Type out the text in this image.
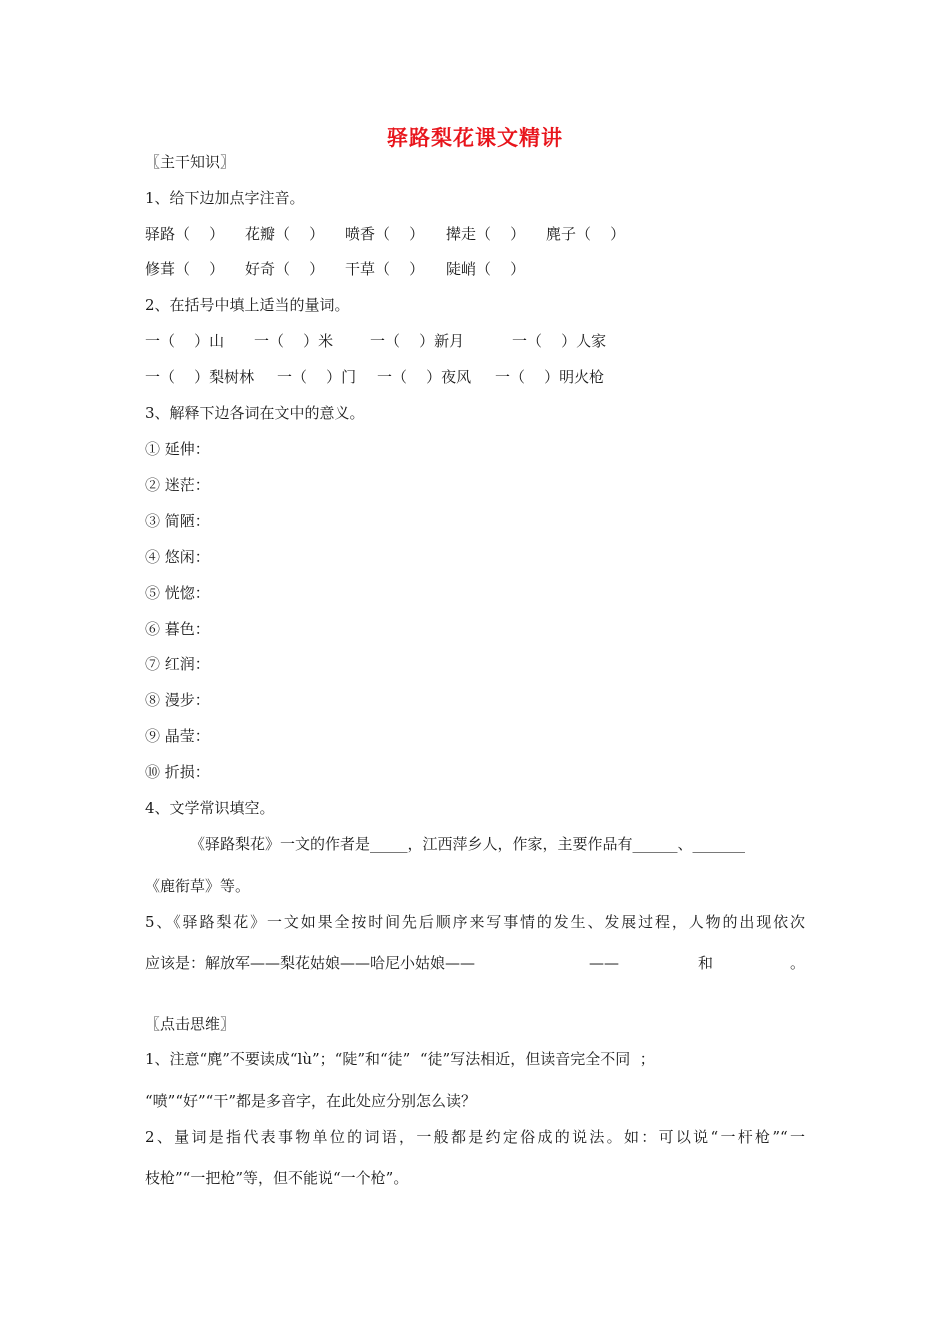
驿路梨花课文精讲
〖主干知识〗
1、给下边加点字注音。
驿路（    ） 花瓣（    ） 喷香（    ） 撵走（    ） 麂子（    ）
修葺（    ） 好奇（    ） 干草（    ） 陡峭（    ）
2、在括号中填上适当的量词。
一（    ）山 一（    ）米 一（    ）新月	一（    ）人家
一（    ）梨树林 一（    ）门 一（    ）夜风 一（    ）明火枪
3、解释下边各词在文中的意义。
① 延伸：
② 迷茫：
③ 简陋：
④ 悠闲：
⑤ 恍惚：
⑥ 暮色：
⑦ 红润：
⑧ 漫步：
⑨ 晶莹：
⑩ 折损：
4、文学常识填空。
《驿路梨花》一文的作者是_____，江西萍乡人，作家，主要作品有______、_______
《鹿衔草》等。
5、《驿路梨花》一文如果全按时间先后顺序来写事情的发生、发展过程，人物的出现依次
应该是：解放军——梨花姑娘——哈尼小姑娘——	——	和	。
〖点击思维〗
1、注意“麂”不要读成“lù”；“陡”和“徒”  “徒”写法相近，但读音完全不同  ；
“喷”“好”“干”都是多音字，在此处应分别怎么读？
2、量词是指代表事物单位的词语，一般都是约定俗成的说法。如：可以说“一杆枪”“一
枝枪”“一把枪”等，但不能说“一个枪”。
